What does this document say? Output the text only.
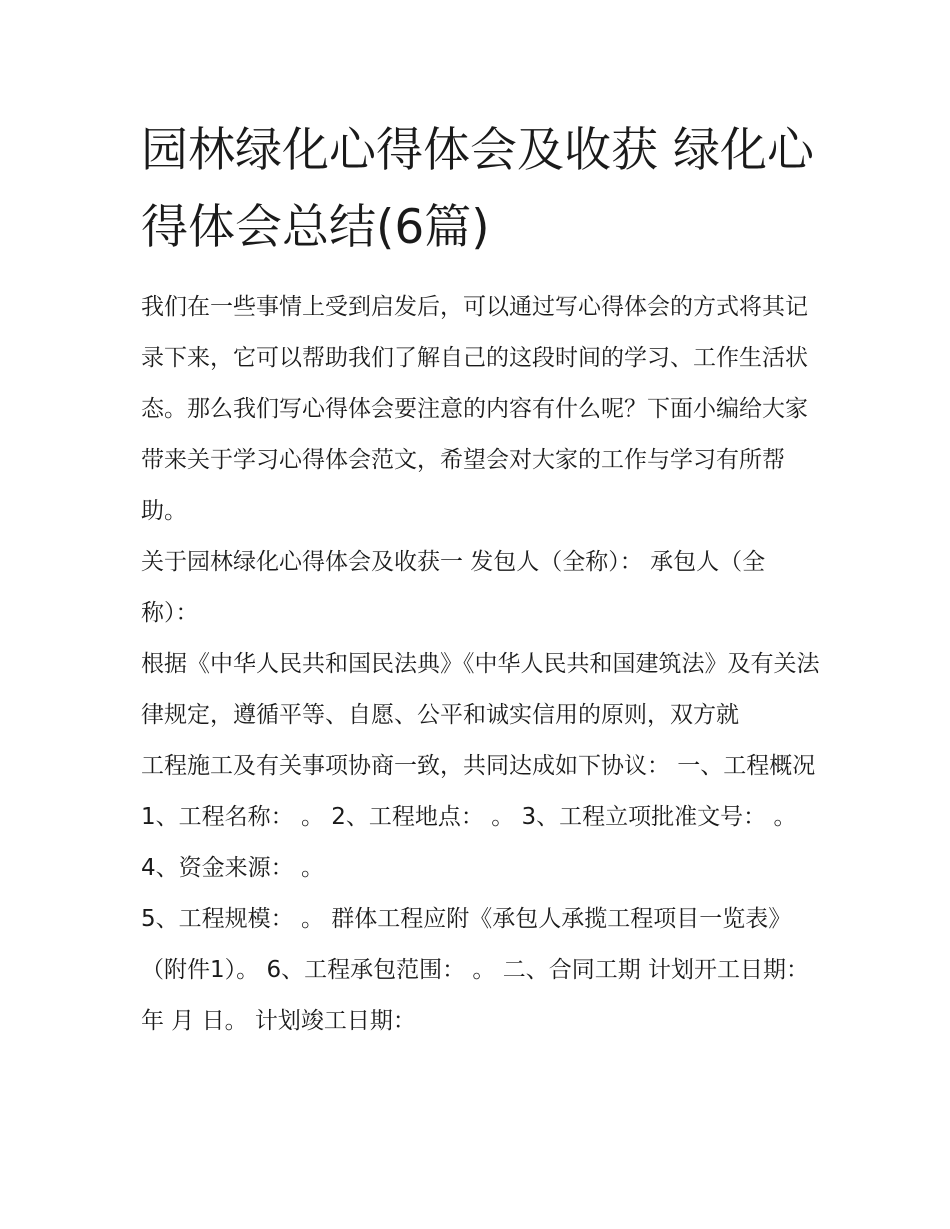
园林绿化心得体会及收获 绿化心得体会总结(6篇)

我们在一些事情上受到启发后，可以通过写心得体会的方式将其记录下来，它可以帮助我们了解自己的这段时间的学习、工作生活状态。那么我们写心得体会要注意的内容有什么呢？下面小编给大家带来关于学习心得体会范文，希望会对大家的工作与学习有所帮助。

关于园林绿化心得体会及收获一 发包人（全称）： 承包人（全称）：

根据《中华人民共和国民法典》《中华人民共和国建筑法》及有关法律规定，遵循平等、自愿、公平和诚实信用的原则，双方就

工程施工及有关事项协商一致，共同达成如下协议： 一、工程概况 1、工程名称： 。 2、工程地点： 。 3、工程立项批准文号： 。 4、资金来源： 。

5、工程规模： 。 群体工程应附《承包人承揽工程项目一览表》（附件1）。 6、工程承包范围： 。 二、合同工期 计划开工日期： 年 月 日。 计划竣工日期：
